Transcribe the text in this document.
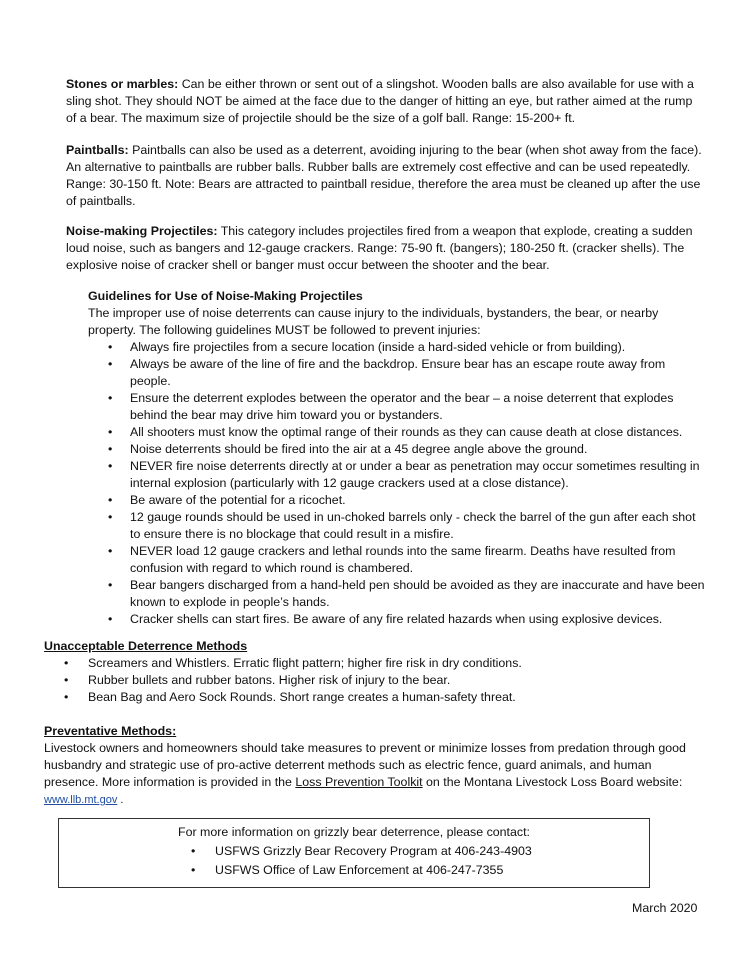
Stones or marbles: Can be either thrown or sent out of a slingshot. Wooden balls are also available for use with a sling shot. They should NOT be aimed at the face due to the danger of hitting an eye, but rather aimed at the rump of a bear. The maximum size of projectile should be the size of a golf ball. Range: 15-200+ ft.

Paintballs: Paintballs can also be used as a deterrent, avoiding injuring to the bear (when shot away from the face). An alternative to paintballs are rubber balls. Rubber balls are extremely cost effective and can be used repeatedly. Range: 30-150 ft. Note: Bears are attracted to paintball residue, therefore the area must be cleaned up after the use of paintballs.

Noise-making Projectiles: This category includes projectiles fired from a weapon that explode, creating a sudden loud noise, such as bangers and 12-gauge crackers. Range: 75-90 ft. (bangers); 180-250 ft. (cracker shells). The explosive noise of cracker shell or banger must occur between the shooter and the bear.

Guidelines for Use of Noise-Making Projectiles

The improper use of noise deterrents can cause injury to the individuals, bystanders, the bear, or nearby property. The following guidelines MUST be followed to prevent injuries:

• Always fire projectiles from a secure location (inside a hard-sided vehicle or from building).
• Always be aware of the line of fire and the backdrop. Ensure bear has an escape route away from people.
• Ensure the deterrent explodes between the operator and the bear – a noise deterrent that explodes behind the bear may drive him toward you or bystanders.
• All shooters must know the optimal range of their rounds as they can cause death at close distances.
• Noise deterrents should be fired into the air at a 45 degree angle above the ground.
• NEVER fire noise deterrents directly at or under a bear as penetration may occur sometimes resulting in internal explosion (particularly with 12 gauge crackers used at a close distance).
• Be aware of the potential for a ricochet.
• 12 gauge rounds should be used in un-choked barrels only - check the barrel of the gun after each shot to ensure there is no blockage that could result in a misfire.
• NEVER load 12 gauge crackers and lethal rounds into the same firearm. Deaths have resulted from confusion with regard to which round is chambered.
• Bear bangers discharged from a hand-held pen should be avoided as they are inaccurate and have been known to explode in people’s hands.
• Cracker shells can start fires. Be aware of any fire related hazards when using explosive devices.

Unacceptable Deterrence Methods

• Screamers and Whistlers. Erratic flight pattern; higher fire risk in dry conditions.
• Rubber bullets and rubber batons. Higher risk of injury to the bear.
• Bean Bag and Aero Sock Rounds. Short range creates a human-safety threat.

Preventative Methods:

Livestock owners and homeowners should take measures to prevent or minimize losses from predation through good husbandry and strategic use of pro-active deterrent methods such as electric fence, guard animals, and human presence. More information is provided in the Loss Prevention Toolkit on the Montana Livestock Loss Board website:
www.llb.mt.gov .

For more information on grizzly bear deterrence, please contact:

• USFWS Grizzly Bear Recovery Program at 406-243-4903
• USFWS Office of Law Enforcement at 406-247-7355
March 2020
